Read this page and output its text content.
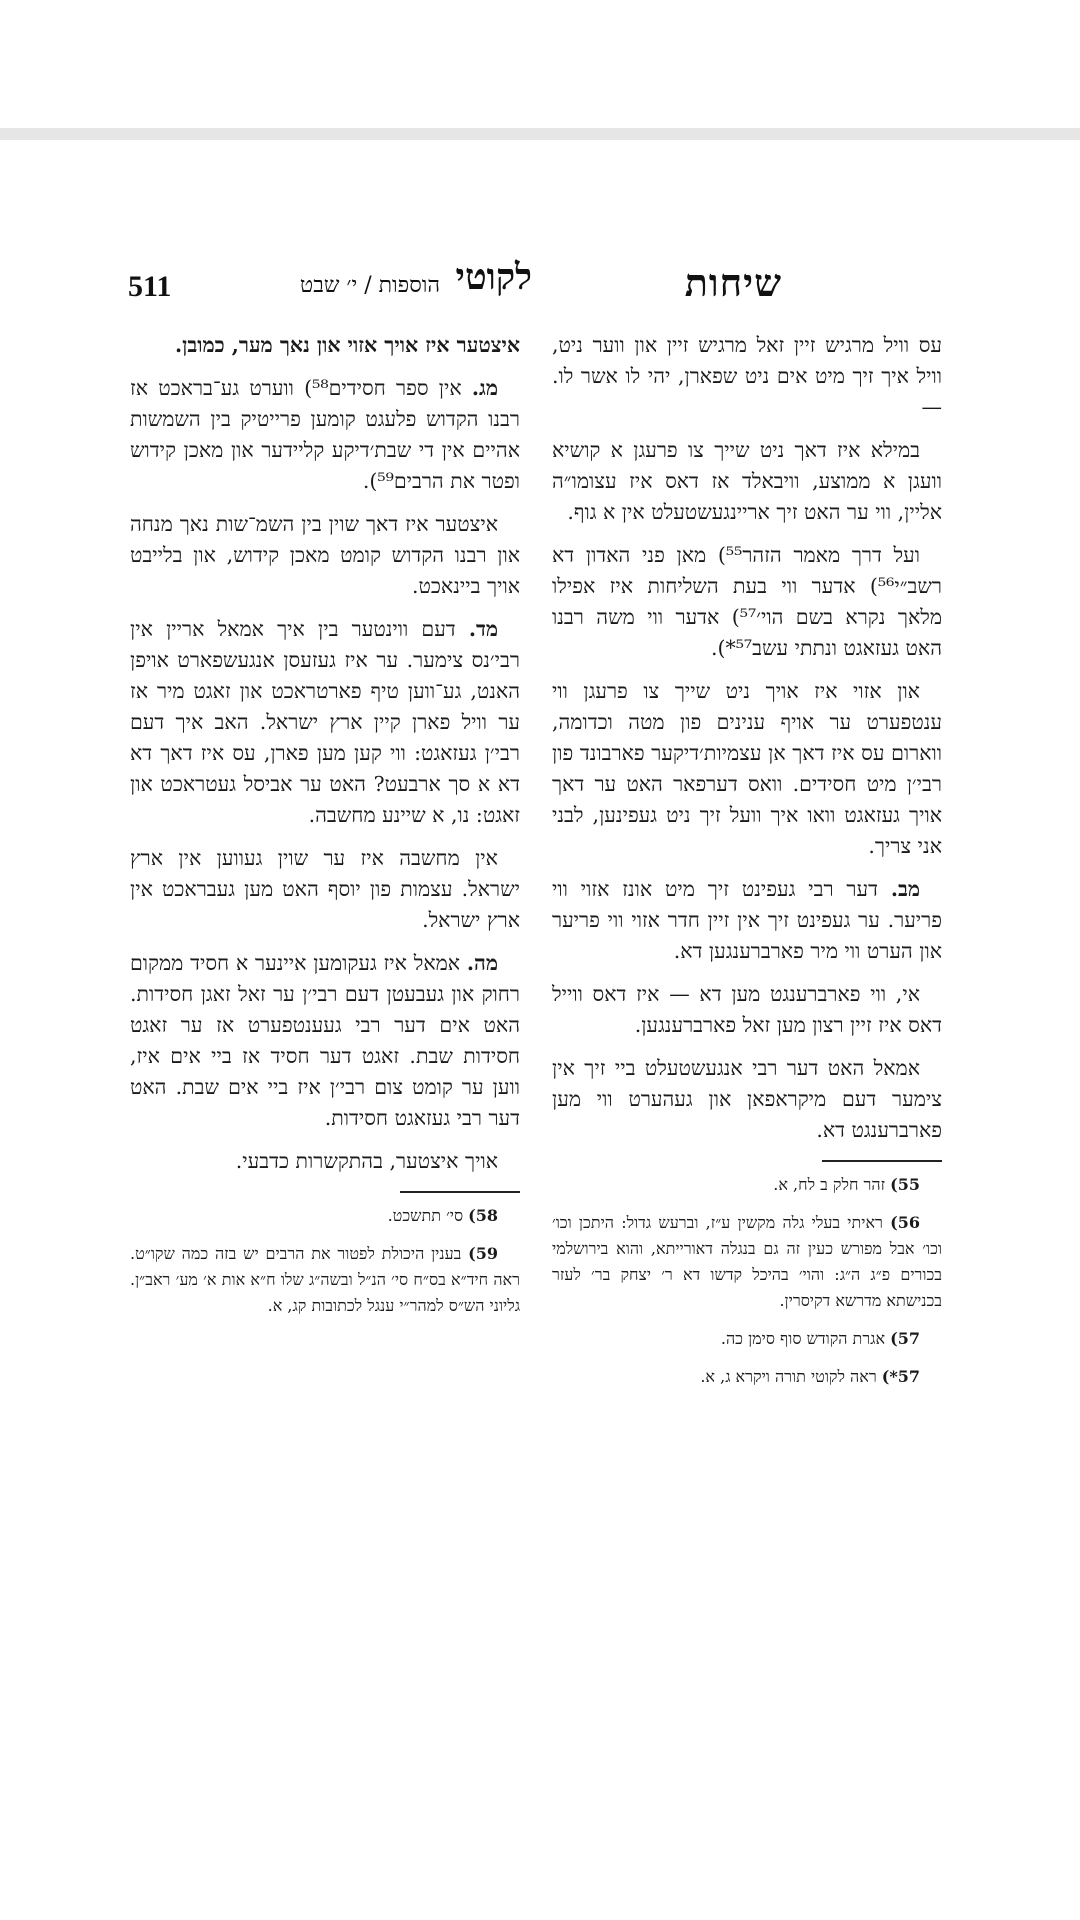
511	שיחות
הוספות / י׳ שבט לקוטי

עס וויל מרגיש זיין זאל מרגיש זיין און ווער ניט, וויל איך זיך מיט אים ניט שפארן, יהי לו אשר לו. —

במילא איז דאך ניט שייך צו פרעגן א קושיא וועגן א ממוצע, וויבאלד אז דאס איז עצומו״ה אליין, ווי ער האט זיך אריינגעשטעלט אין א גוף.

ועל דרך מאמר הזהר⁵⁵) מאן פני האדון דא רשב״י⁵⁶) אדער ווי בעת השליחות איז אפילו מלאך נקרא בשם הוי׳⁵⁷) אדער ווי משה רבנו האט געזאגט ונתתי עשב⁵⁷*).

און אזוי איז אויך ניט שייך צו פרעגן ווי ענטפערט ער אויף ענינים פון מטה וכדומה, ווארום עס איז דאך אן עצמיות׳דיקער פארבונד פון רבי׳ן מיט חסידים. וואס דערפאר האט ער דאך אויך געזאגט וואו איך וועל זיך ניט געפינען, לבני אני צריך.

מב. דער רבי געפינט זיך מיט אונז אזוי ווי פריער. ער געפינט זיך אין זיין חדר אזוי ווי פריער און הערט ווי מיר פארברענגען דא.

אי, ווי פארברענגט מען דא — איז דאס ווייל דאס איז זיין רצון מען זאל פארברענגען.

אמאל האט דער רבי אנגעשטעלט ביי זיך אין צימער דעם מיקראפאן און געהערט ווי מען פארברענגט דא.

55) זהר חלק ב לח, א.

56) ראיתי בעלי גלה מקשין ע״ז, וברעש גדול: היתכן וכו׳ וכו׳ אבל מפורש כעין זה גם בנגלה דאורייתא, והוא בירושלמי בכורים פ״ג ה״ג: והוי׳ בהיכל קדשו דא ר׳ יצחק בר׳ לעזר בכנישתא מדרשא דקיסרין.

57) אגרת הקודש סוף סימן כה.

57*) ראה לקוטי תורה ויקרא ג, א.

איצטער איז אויך אזוי און נאך מער, כמובן.

מג. אין ספר חסידים⁵⁸) ווערט גע־בראכט אז רבנו הקדוש פלעגט קומען פרייטיק בין השמשות אהיים אין די שבת׳דיקע קליידער און מאכן קידוש ופטר את הרבים⁵⁹).

איצטער איז דאך שוין בין השמ־שות נאך מנחה און רבנו הקדוש קומט מאכן קידוש, און בלייבט אויך ביינאכט.

מד. דעם ווינטער בין איך אמאל אריין אין רבי׳נס צימער. ער איז געזעסן אנגעשפארט אויפן האנט, גע־ווען טיף פארטראכט און זאגט מיר אז ער וויל פארן קיין ארץ ישראל. האב איך דעם רבי׳ן געזאגט: ווי קען מען פארן, עס איז דאך דא דא א סך ארבעט? האט ער אביסל געטראכט און זאגט: נו, א שיינע מחשבה.

אין מחשבה איז ער שוין געווען אין ארץ ישראל. עצמות פון יוסף האט מען געבראכט אין ארץ ישראל.

מה. אמאל איז געקומען איינער א חסיד ממקום רחוק און געבעטן דעם רבי׳ן ער זאל זאגן חסידות. האט אים דער רבי געענטפערט אז ער זאגט חסידות שבת. זאגט דער חסיד אז ביי אים איז, ווען ער קומט צום רבי׳ן איז ביי אים שבת. האט דער רבי געזאגט חסידות.

אויך איצטער, בהתקשרות כדבעי.

58) סי׳ תתשכט.

59) בענין היכולת לפטור את הרבים יש בזה כמה שקו״ט. ראה חיד״א בס״ח סי׳ הנ״ל ובשה״ג שלו ח״א אות א׳ מע׳ ראב״ן. גליוני הש״ס למהר״י ענגל לכתובות קג, א.
